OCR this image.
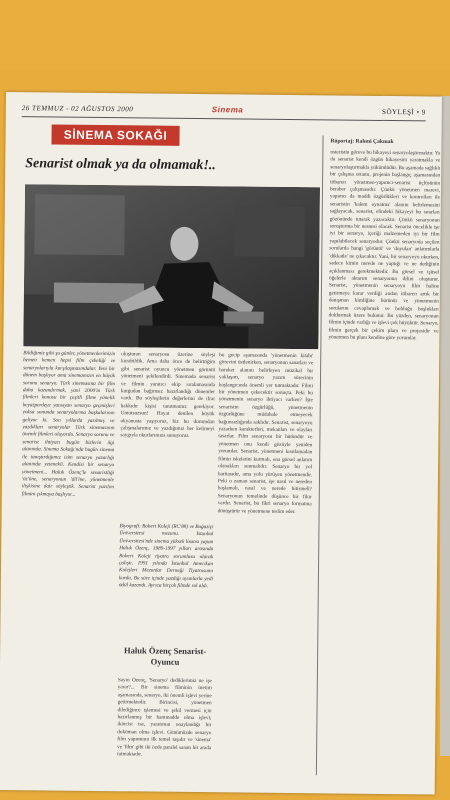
26 TEMMUZ - 02 AĞUSTOS 2000	Sinema	SÖYLEŞİ • 9
SİNEMA SOKAĞI
Senarist olmak ya da olmamak!..
Bildiğimiz gibi şu günler, yönetmenlerimizin hemen hemen hepsi film çekeliği ve senaryolarıyla karşılaşmasındalar. Yeni bir dönem başlıyor ama sinemamızın en büyük sorunu senaryo. Türk sinemasına bir film daha kazandırmak, yani 2000'in Türk filmleri konusu bir çeşitli filme yönelik beyazperdeye yansıyan senaryo geçmişleri yoksa sonunda senaryolarına başkalarının geliyor ki. Son yıllarda yazılmış ve yazdıkları senaryolar Türk sinemasının önemli filmleri oluyordu. Senaryo sorunu ve senarist ihtiyacı bugün bizlerin ilgi alanında. Sinema Sokağı'nda bugün sinema ile tanıştırdığımız isim senaryo yazarlığı alanında yetenekli. Kendisi bir senaryo yönetmeni... Haluk Özenç'le senaristliği 'öz'üne, senaryonun 'dil'ine, yönetmenle ilişkisine dair söyleştik. Senarist yazılım filmini çıkmaya başlıyor...
oluşturan senaryosu üzerine söyleşi kurabildik. Ama daha önce de belirttiğim gibi senarist oyuncu yönetmen görüntü yönetmeni şekilendirdi. Sinemada senarist ve filmin yaratıcı ekip sıralamasında kurgudan bağımsız hazırlandığı dönemler vardı. Bu söyleşilerin değerlerini de ifrat hakkıdır kişisi tanıtmamız gerekiyor. Umutsuzsun! Hayat denilen büyük okyanusta yaşıyoruz, biz bu durumdan çalışmalarımız ve yazdığımız her kelimeyi saygıyla okurlarımıza sunuyoruz.
Biyografi: Robert Koleji (RC'88) ve Boğaziçi Üniversitesi mezunu. İstanbul Üniversitesi'nde sinema yüksek lisansı yapan Haluk Özenç, 1989-1997 yılları arasında Robert Koleji tiyatro sorumlusu olarak çalıştı. 1991 yılında İstanbul Amerikan Kolejleri Mezunlar Derneği Tiyatrosunu kurdu. Bu süre içinde yazdığı oyunlarla yedi ödül kazandı. Ayrıca birçok filmde rol aldı.
Haluk Özenç Senarist-Oyuncu
Sayın Özenç, 'Senaryo' dediklerimiz ne işe yarar?... Bir sinema filminin üretim aşamasında, senaryo, iki önemli işlevi yerine getirmektedir. Birincisi, yönetmen dilediğince işlemesi ve şekil vermesi için hazırlanmış bir hammadde olma işlevi; ikincisi ise, yaratımın onaylandığı bir doküman olma işlevi. Günümüzde senaryo film yapımının ilk temel taşıdır ve 'sinema' ve 'film' gibi iki özde paralel sanatı bir arada tutmaktadır.
bu gecip aşamasında 'yönetmenin kitabı' görevini üstlenirken, senaryonun sanatları ve hareket alanını belirleyen müzikal bir yaklaşım, senaryo yazım sürecinin başlangıcında önemli yer tutmaktadır. Filmi bir yönetmen çekecektir sonuçta. Peki bu yönetmenin senaryo ihtiyacı varken? İşte senaristin özgürlüğü, yönetmenin özgürlüğüne müdahale etmeyecek bağımsızlığında saklıdır. Senarist, senaryoyu yazarken karakterleri, mekanları ve olayları tasarlar. Film senaryosu bir bütündür ve yönetmen onu kendi gözüyle yeniden yorumlar. Senarist, yönetmeni kısıtlamadan filmin iskeletini kurmalı, ona görsel anlatım olanakları sunmalıdır. Senaryo bir yol haritasıdır, ama yolu yürüyen yönetmendir. Peki o zaman senarist, işe nasıl ve nereden başlamalı, nasıl ve nerede bitirmeli? Senaryonun temelinde düşünce bir fikir vardır. Senarist, bu fikri senaryo formatına dönüştürür ve yönetmene teslim eder.
Röportaj: Rahmi Çakmak
nsteristin göreve bu hikayeyi senaryolaştırmaktır. Ya da senarist kendi özgün hikayesini yaratmakla ve senaryolaştırmakla yükümlüdür. Bu aşamada sağlıklı bir çalışma ortamı, projenin başlangıç aşamasından itibaren yönetmen-yapımcı-senarist üçlüsünün beraber çalışmasıdır. Çünkü yönetmen marevi, yapımcı da maddi özgürlükleri ve kontrolları ile senaristin 'kalem oynatma' alanını belirlemesini sağlayacak, senarist, elindeki hikayeyi bu sınırları gözönünde tutarak yazacaktır. Çünkü senaryonun soruşturma bir nesnesi olacak. Senarist öncelikle işe iyi bir senaryo, içeriği malzemeden iyi bir film yapılabilecek senaryodur. Çünkü senaryoda seçilen sorularda hangi 'görüntü' ve 'duyulan' anlatımlarla 'dikkatle' ne çıkacaktır. Yani, bir senaryoyu okurken, sadece kimin nerede ne yaptığı ve ne dediğinin açıklanması gerekmektedir. Bu görsel ve işitsel öğelerle aktarım senaryonun dilini oluşturur. Senarist, yönetmenin senaryoyu film haline getirmeye karar verdiği andan itibaren artık bir danışman kimliğine bürünür ve yönetmenin sorularını cevaplamak ve bohluğu boşlukları doldurmak üzere bulunur. Bu yüzden, senaryonun filmin içinde varlığı ve işlevi çok büyüktür. Senaryo, filmin gerçek bir çekim planı ve projesidir ve yönetmen bu planı kendine göre yorumlar.
